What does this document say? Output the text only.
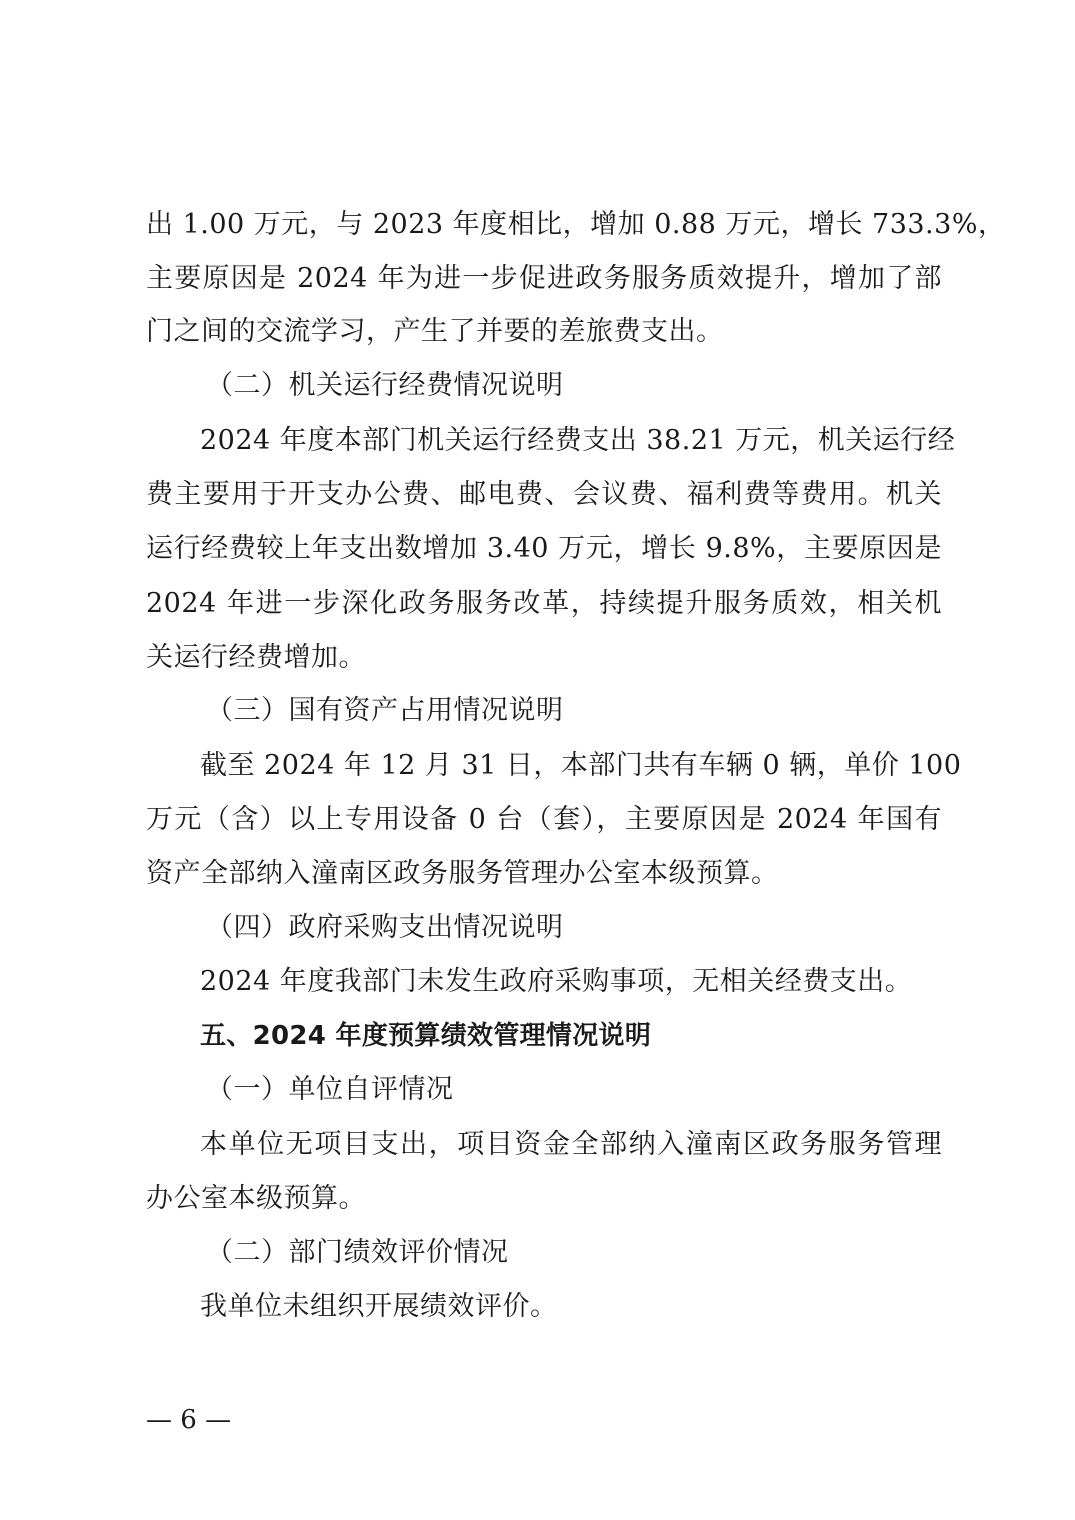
出 1.00 万元，与 2023 年度相比，增加 0.88 万元，增长 733.3%，
主要原因是 2024 年为进一步促进政务服务质效提升，增加了部
门之间的交流学习，产生了并要的差旅费支出。
（二）机关运行经费情况说明
2024 年度本部门机关运行经费支出 38.21 万元，机关运行经
费主要用于开支办公费、邮电费、会议费、福利费等费用。机关
运行经费较上年支出数增加 3.40 万元，增长 9.8%，主要原因是
2024 年进一步深化政务服务改革，持续提升服务质效，相关机
关运行经费增加。
（三）国有资产占用情况说明
截至 2024 年 12 月 31 日，本部门共有车辆 0 辆，单价 100
万元（含）以上专用设备 0 台（套），主要原因是 2024 年国有
资产全部纳入潼南区政务服务管理办公室本级预算。
（四）政府采购支出情况说明
2024 年度我部门未发生政府采购事项，无相关经费支出。
五、2024 年度预算绩效管理情况说明
（一）单位自评情况
本单位无项目支出，项目资金全部纳入潼南区政务服务管理
办公室本级预算。
（二）部门绩效评价情况
我单位未组织开展绩效评价。
— 6 —
